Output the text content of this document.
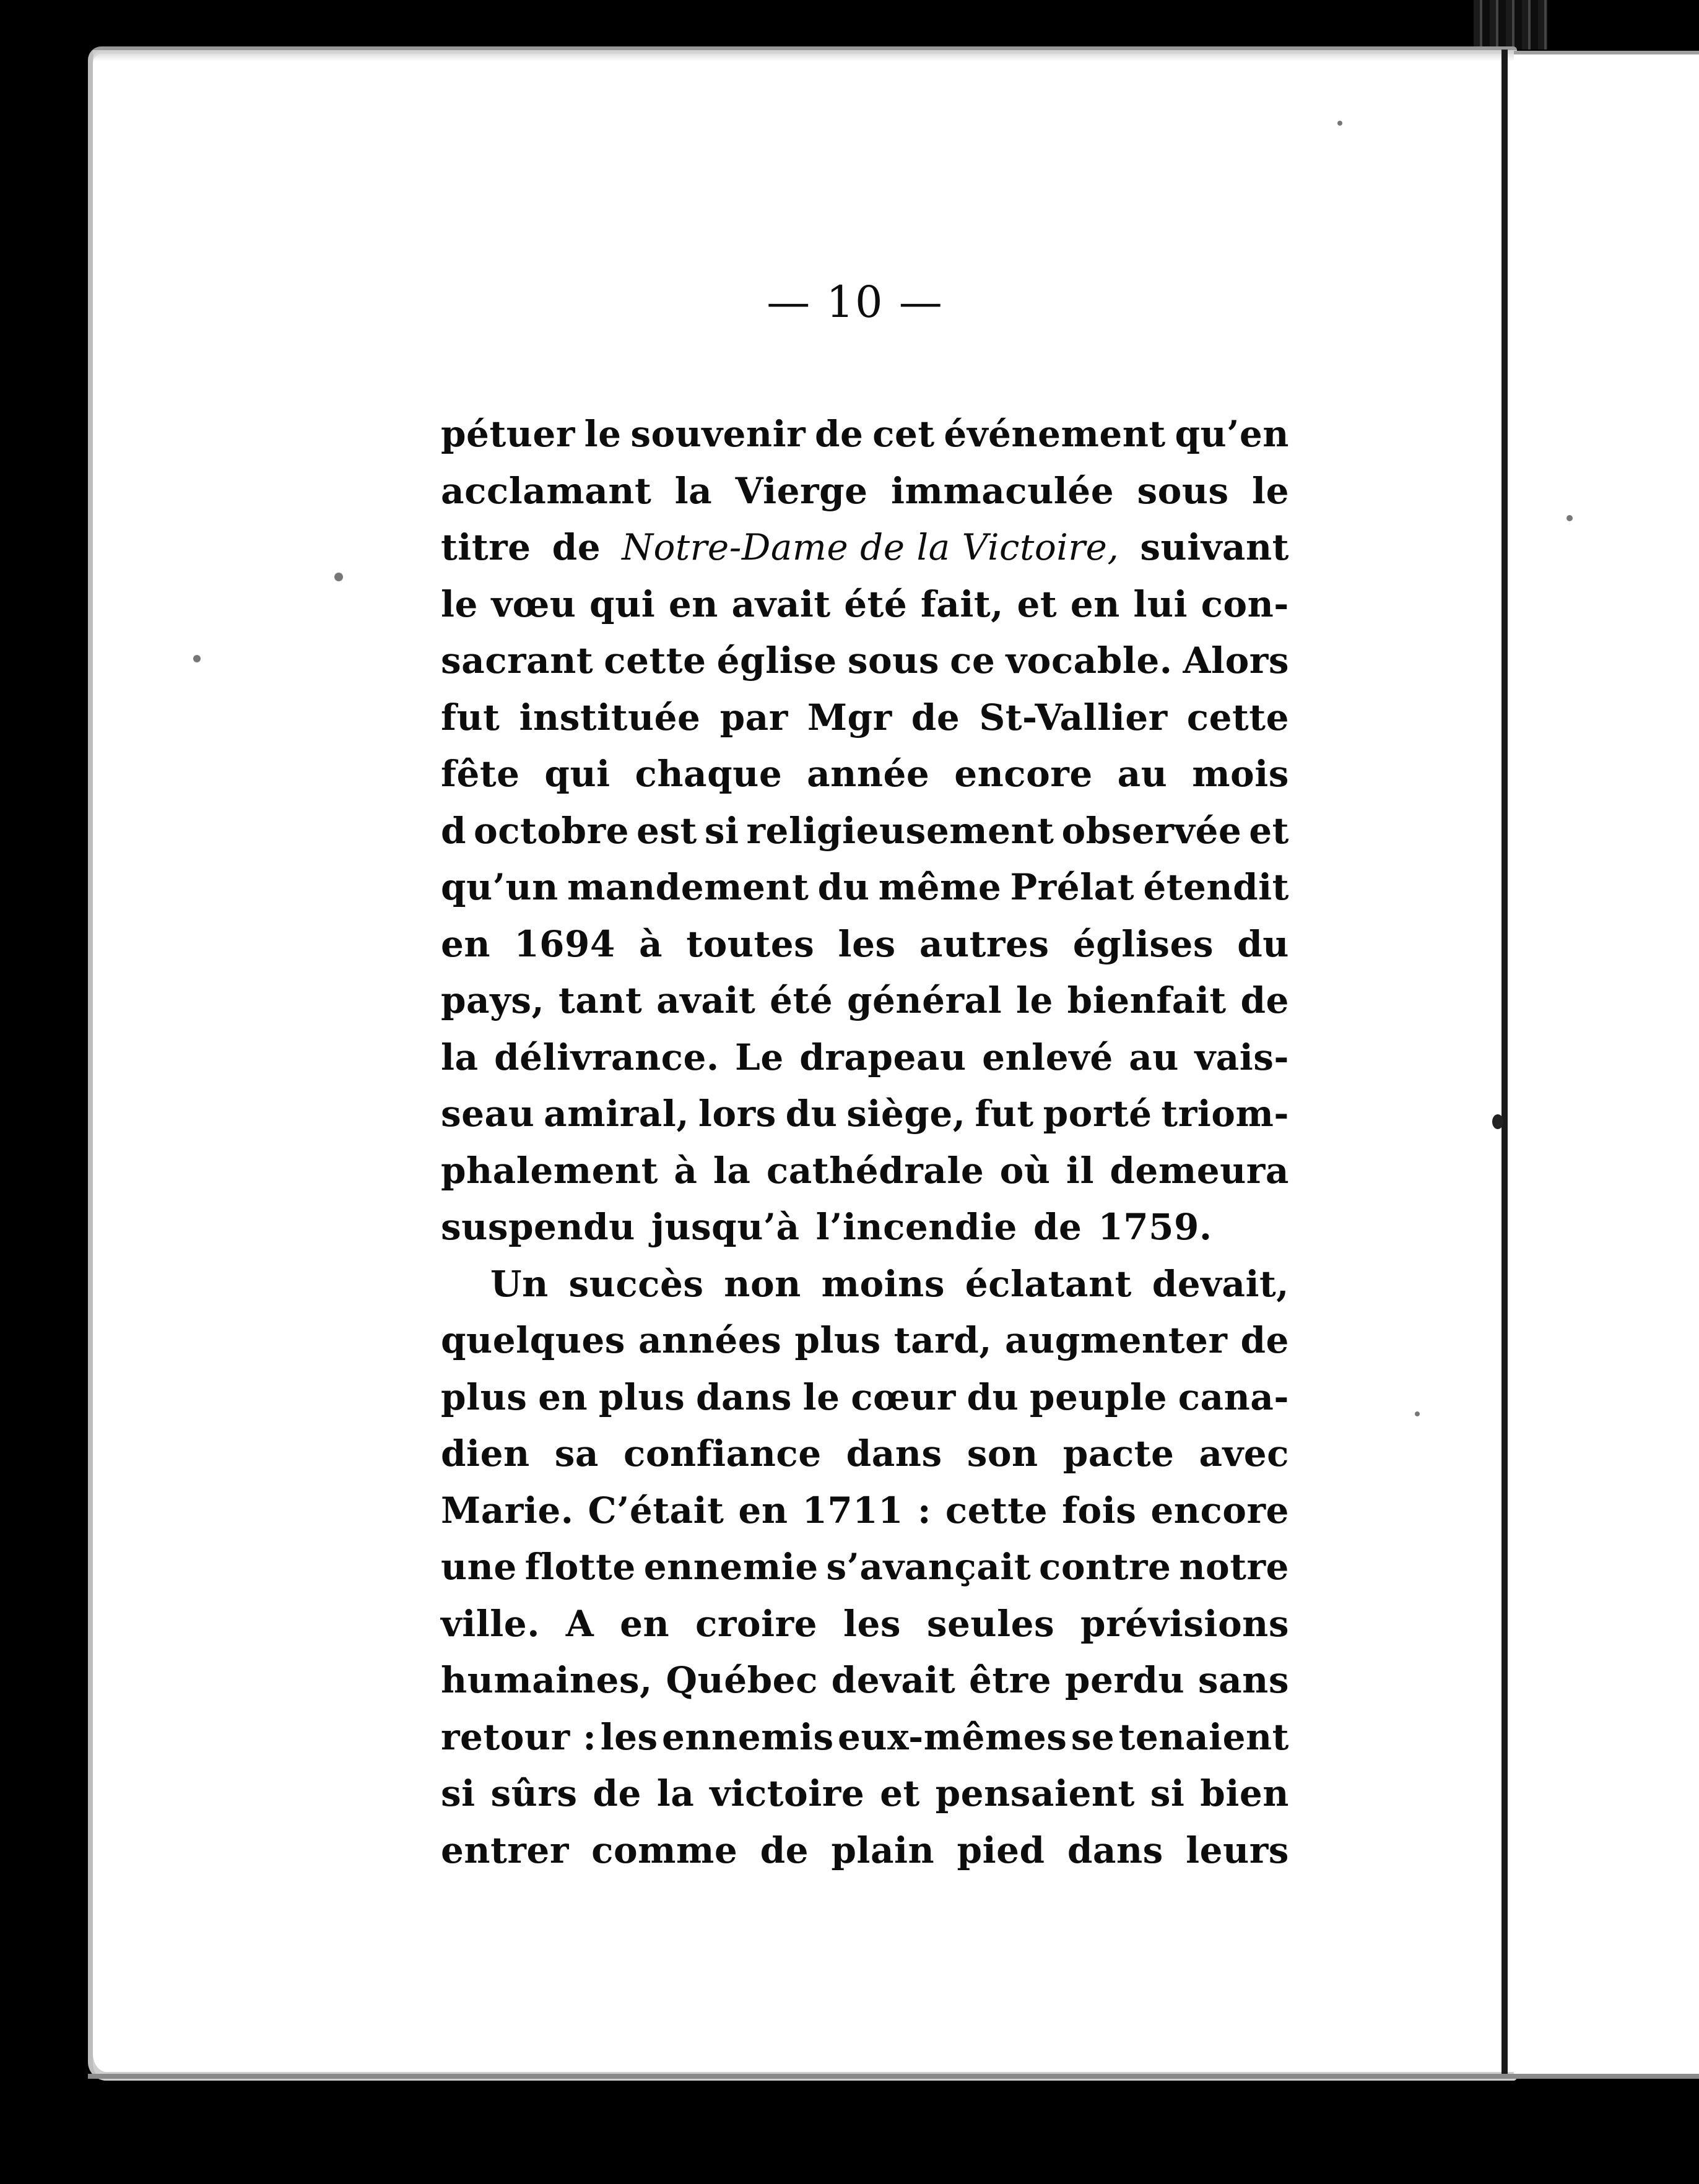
— 10 —
pétuer le souvenir de cet événement qu’en
acclamant la Vierge immaculée sous le
titre de Notre-Dame de la Victoire, suivant
le vœu qui en avait été fait, et en lui con-
sacrant cette église sous ce vocable. Alors
fut instituée par Mgr de St-Vallier cette
fête qui chaque année encore au mois
d octobre est si religieusement observée et
qu’un mandement du même Prélat étendit
en 1694 à toutes les autres églises du
pays, tant avait été général le bienfait de
la délivrance. Le drapeau enlevé au vais-
seau amiral, lors du siège, fut porté triom-
phalement à la cathédrale où il demeura
suspendu jusqu’à l’incendie de 1759.
Un succès non moins éclatant devait,
quelques années plus tard, augmenter de
plus en plus dans le cœur du peuple cana-
dien sa confiance dans son pacte avec
Marie. C’était en 1711 : cette fois encore
une flotte ennemie s’avançait contre notre
ville. A en croire les seules prévisions
humaines, Québec devait être perdu sans
retour : les ennemis eux-mêmes se tenaient
si sûrs de la victoire et pensaient si bien
entrer comme de plain pied dans leurs
